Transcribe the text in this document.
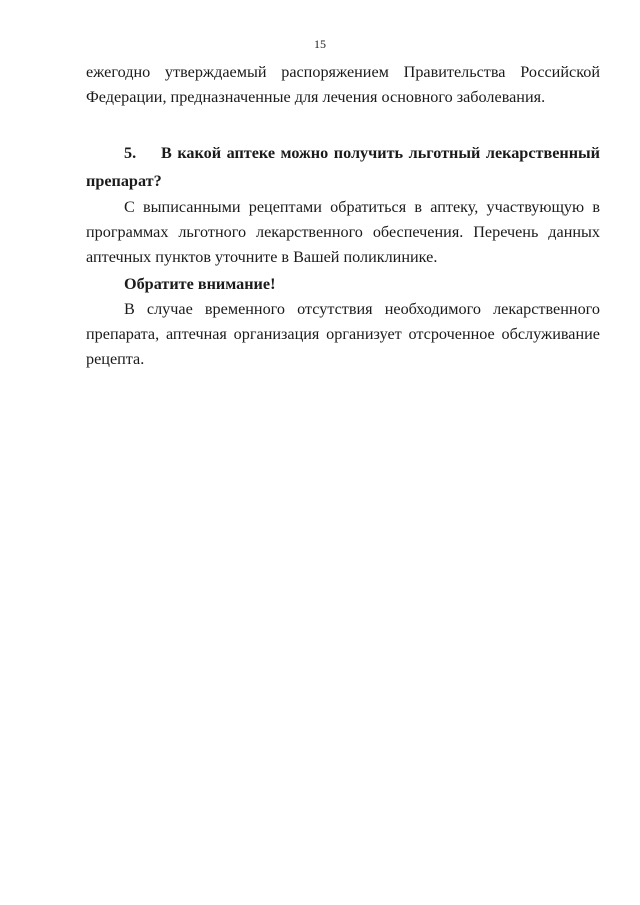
15

ежегодно утверждаемый распоряжением Правительства Российской Федерации, предназначенные для лечения основного заболевания.

5. В какой аптеке можно получить льготный лекарственный препарат?

С выписанными рецептами обратиться в аптеку, участвующую в программах льготного лекарственного обеспечения. Перечень данных аптечных пунктов уточните в Вашей поликлинике.

Обратите внимание!

В случае временного отсутствия необходимого лекарственного препарата, аптечная организация организует отсроченное обслуживание рецепта.
